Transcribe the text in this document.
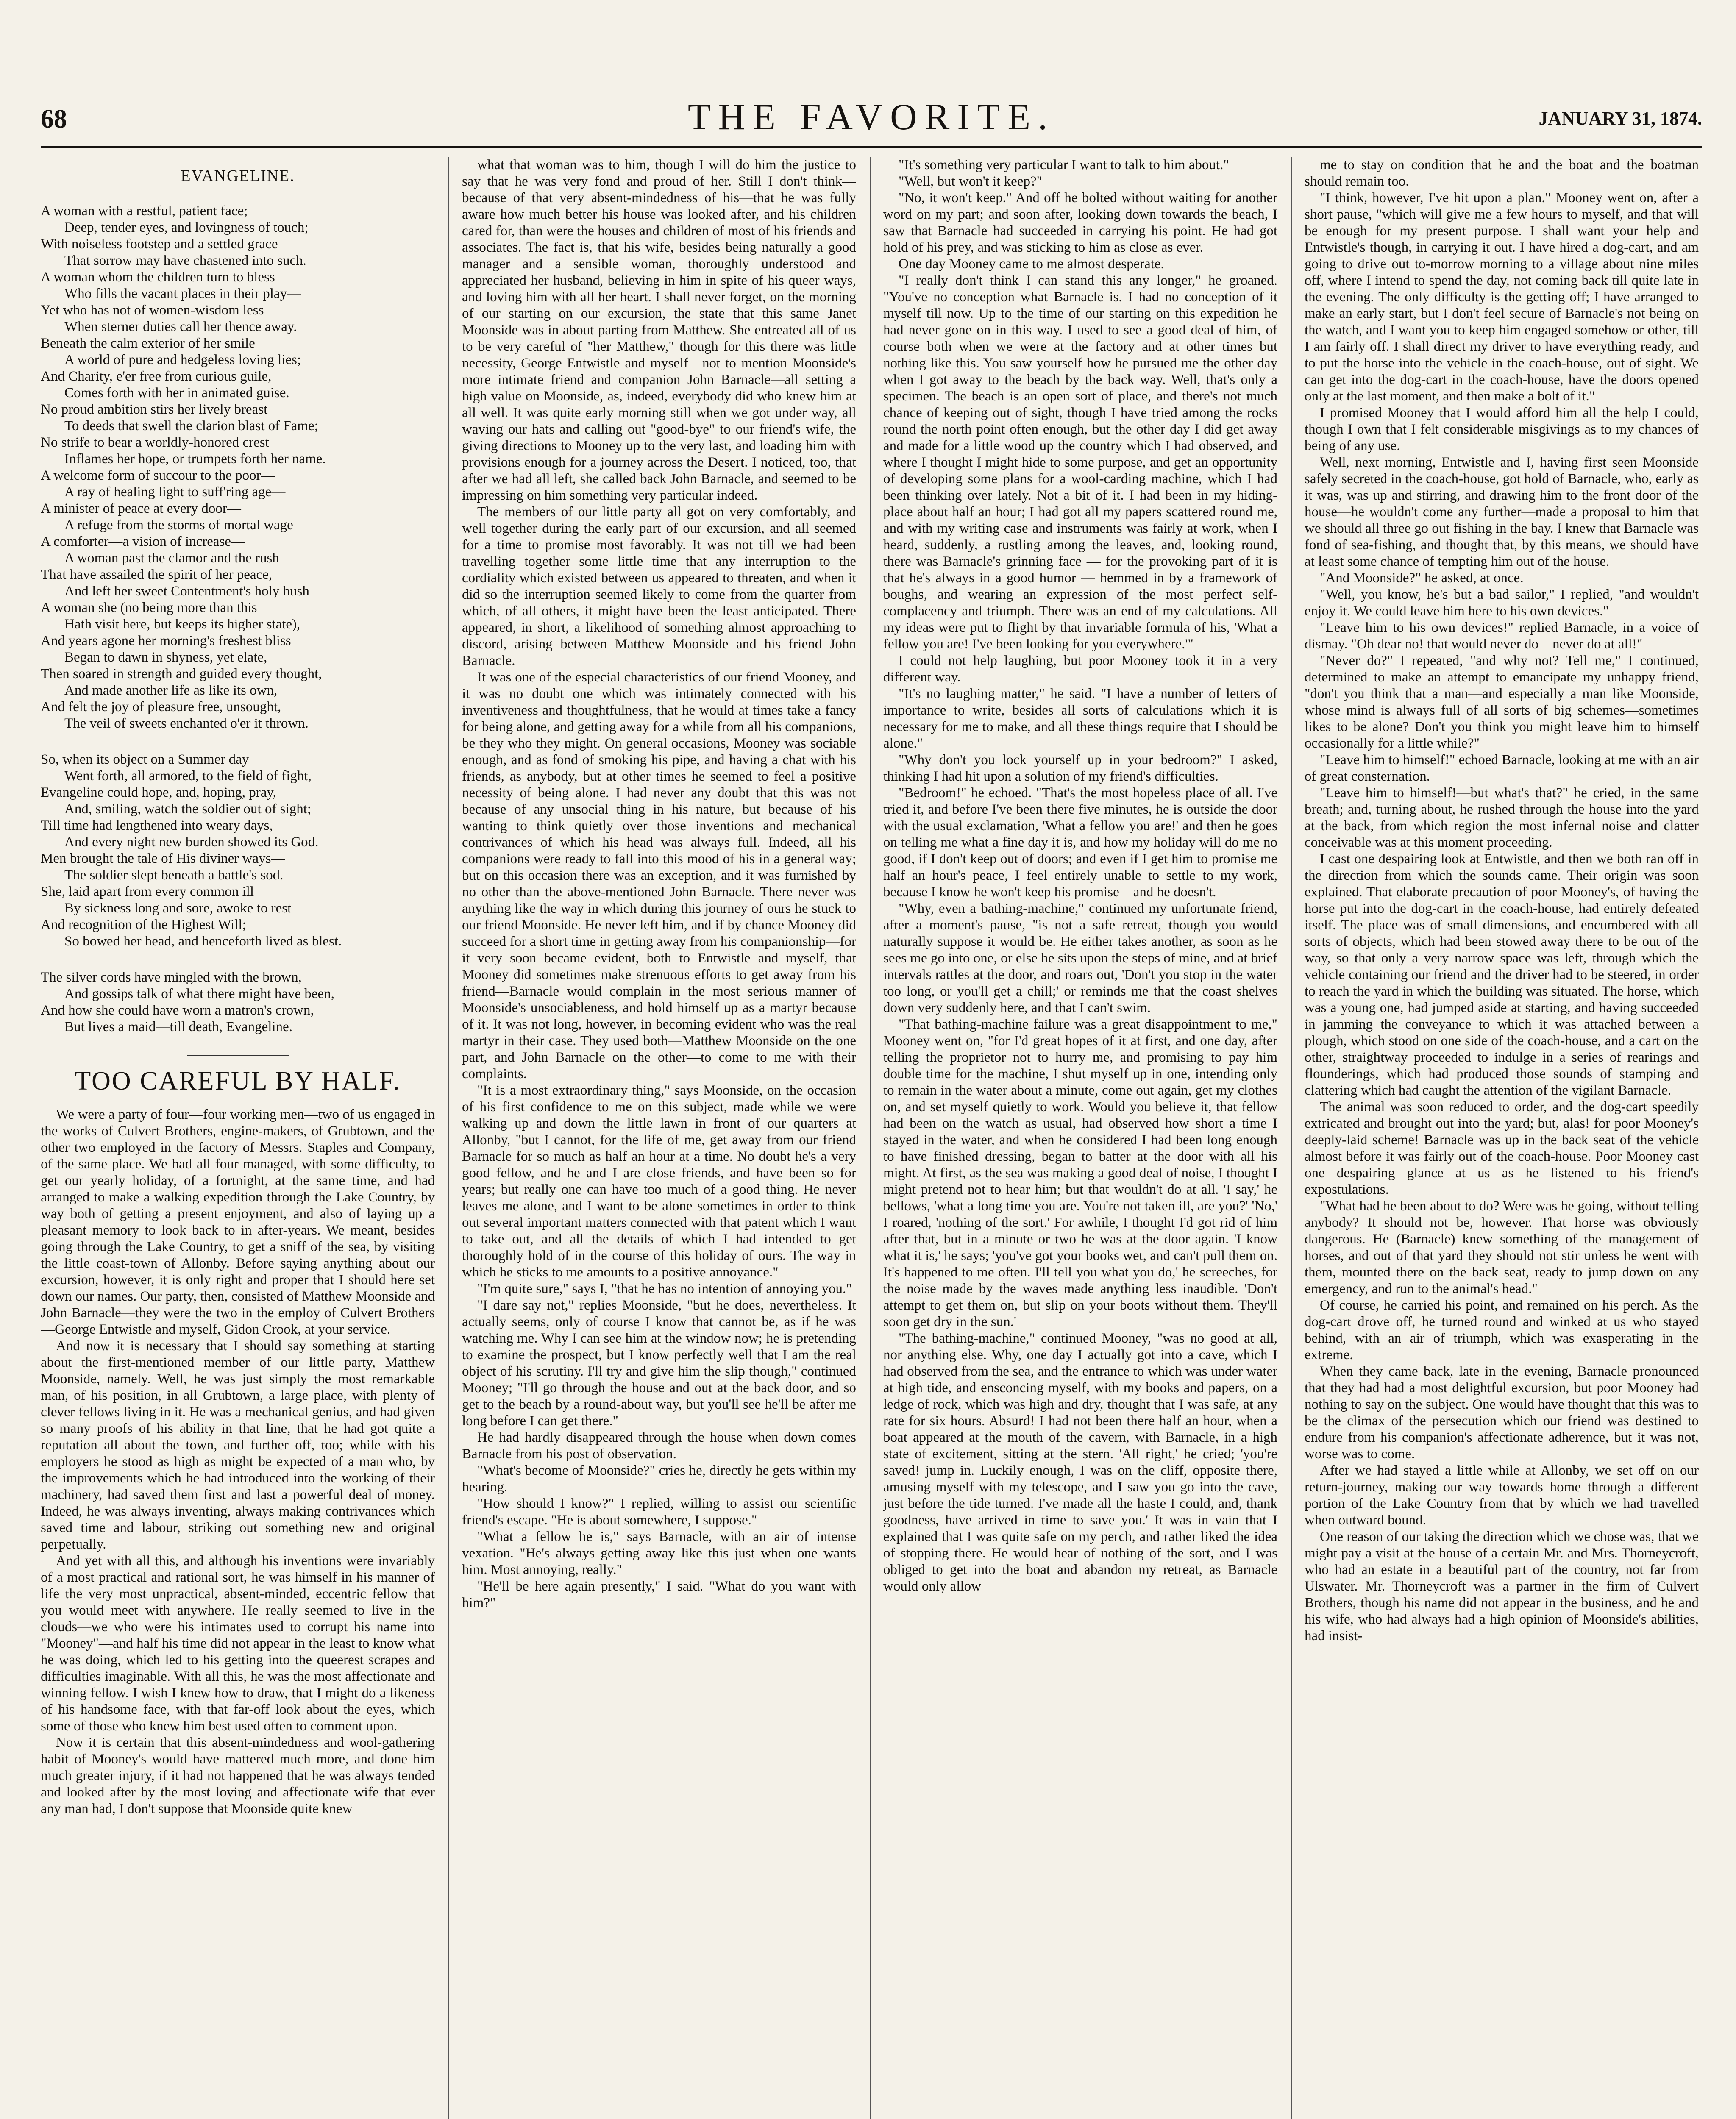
68	THE FAVORITE.	JANUARY 31, 1874.
EVANGELINE.
A woman with a restful, patient face;
Deep, tender eyes, and lovingness of touch;
With noiseless footstep and a settled grace
That sorrow may have chastened into such.
A woman whom the children turn to bless—
Who fills the vacant places in their play—
Yet who has not of women-wisdom less
When sterner duties call her thence away.
Beneath the calm exterior of her smile
A world of pure and hedgeless loving lies;
And Charity, e'er free from curious guile,
Comes forth with her in animated guise.
No proud ambition stirs her lively breast
To deeds that swell the clarion blast of Fame;
No strife to bear a worldly-honored crest
Inflames her hope, or trumpets forth her name.
A welcome form of succour to the poor—
A ray of healing light to suff'ring age—
A minister of peace at every door—
A refuge from the storms of mortal wage—
A comforter—a vision of increase—
A woman past the clamor and the rush
That have assailed the spirit of her peace,
And left her sweet Contentment's holy hush—
A woman she (no being more than this
Hath visit here, but keeps its higher state),
And years agone her morning's freshest bliss
Began to dawn in shyness, yet elate,
Then soared in strength and guided every thought,
And made another life as like its own,
And felt the joy of pleasure free, unsought,
The veil of sweets enchanted o'er it thrown.
So, when its object on a Summer day
Went forth, all armored, to the field of fight,
Evangeline could hope, and, hoping, pray,
And, smiling, watch the soldier out of sight;
Till time had lengthened into weary days,
And every night new burden showed its God.
Men brought the tale of His diviner ways—
The soldier slept beneath a battle's sod.
She, laid apart from every common ill
By sickness long and sore, awoke to rest
And recognition of the Highest Will;
So bowed her head, and henceforth lived as blest.
The silver cords have mingled with the brown,
And gossips talk of what there might have been,
And how she could have worn a matron's crown,
But lives a maid—till death, Evangeline.
TOO CAREFUL BY HALF.

We were a party of four—four working men—two of us engaged in the works of Culvert Brothers, engine-makers, of Grubtown, and the other two employed in the factory of Messrs. Staples and Company, of the same place. We had all four managed, with some difficulty, to get our yearly holiday, of a fortnight, at the same time, and had arranged to make a walking expedition through the Lake Country, by way both of getting a present enjoyment, and also of laying up a pleasant memory to look back to in after-years. We meant, besides going through the Lake Country, to get a sniff of the sea, by visiting the little coast-town of Allonby. Before saying anything about our excursion, however, it is only right and proper that I should here set down our names. Our party, then, consisted of Matthew Moonside and John Barnacle—they were the two in the employ of Culvert Brothers—George Entwistle and myself, Gidon Crook, at your service.

And now it is necessary that I should say something at starting about the first-mentioned member of our little party, Matthew Moonside, namely. Well, he was just simply the most remarkable man, of his position, in all Grubtown, a large place, with plenty of clever fellows living in it. He was a mechanical genius, and had given so many proofs of his ability in that line, that he had got quite a reputation all about the town, and further off, too; while with his employers he stood as high as might be expected of a man who, by the improvements which he had introduced into the working of their machinery, had saved them first and last a powerful deal of money. Indeed, he was always inventing, always making contrivances which saved time and labour, striking out something new and original perpetually.

And yet with all this, and although his inventions were invariably of a most practical and rational sort, he was himself in his manner of life the very most unpractical, absent-minded, eccentric fellow that you would meet with anywhere. He really seemed to live in the clouds—we who were his intimates used to corrupt his name into "Mooney"—and half his time did not appear in the least to know what he was doing, which led to his getting into the queerest scrapes and difficulties imaginable. With all this, he was the most affectionate and winning fellow. I wish I knew how to draw, that I might do a likeness of his handsome face, with that far-off look about the eyes, which some of those who knew him best used often to comment upon.

Now it is certain that this absent-mindedness and wool-gathering habit of Mooney's would have mattered much more, and done him much greater injury, if it had not happened that he was always tended and looked after by the most loving and affectionate wife that ever any man had, I don't suppose that Moonside quite knew

what that woman was to him, though I will do him the justice to say that he was very fond and proud of her. Still I don't think—because of that very absent-mindedness of his—that he was fully aware how much better his house was looked after, and his children cared for, than were the houses and children of most of his friends and associates. The fact is, that his wife, besides being naturally a good manager and a sensible woman, thoroughly understood and appreciated her husband, believing in him in spite of his queer ways, and loving him with all her heart. I shall never forget, on the morning of our starting on our excursion, the state that this same Janet Moonside was in about parting from Matthew. She entreated all of us to be very careful of "her Matthew," though for this there was little necessity, George Entwistle and myself—not to mention Moonside's more intimate friend and companion John Barnacle—all setting a high value on Moonside, as, indeed, everybody did who knew him at all well. It was quite early morning still when we got under way, all waving our hats and calling out "good-bye" to our friend's wife, the giving directions to Mooney up to the very last, and loading him with provisions enough for a journey across the Desert. I noticed, too, that after we had all left, she called back John Barnacle, and seemed to be impressing on him something very particular indeed.

The members of our little party all got on very comfortably, and well together during the early part of our excursion, and all seemed for a time to promise most favorably. It was not till we had been travelling together some little time that any interruption to the cordiality which existed between us appeared to threaten, and when it did so the interruption seemed likely to come from the quarter from which, of all others, it might have been the least anticipated. There appeared, in short, a likelihood of something almost approaching to discord, arising between Matthew Moonside and his friend John Barnacle.

It was one of the especial characteristics of our friend Mooney, and it was no doubt one which was intimately connected with his inventiveness and thoughtfulness, that he would at times take a fancy for being alone, and getting away for a while from all his companions, be they who they might. On general occasions, Mooney was sociable enough, and as fond of smoking his pipe, and having a chat with his friends, as anybody, but at other times he seemed to feel a positive necessity of being alone. I had never any doubt that this was not because of any unsocial thing in his nature, but because of his wanting to think quietly over those inventions and mechanical contrivances of which his head was always full. Indeed, all his companions were ready to fall into this mood of his in a general way; but on this occasion there was an exception, and it was furnished by no other than the above-mentioned John Barnacle. There never was anything like the way in which during this journey of ours he stuck to our friend Moonside. He never left him, and if by chance Mooney did succeed for a short time in getting away from his companionship—for it very soon became evident, both to Entwistle and myself, that Mooney did sometimes make strenuous efforts to get away from his friend—Barnacle would complain in the most serious manner of Moonside's unsociableness, and hold himself up as a martyr because of it. It was not long, however, in becoming evident who was the real martyr in their case. They used both—Matthew Moonside on the one part, and John Barnacle on the other—to come to me with their complaints.

"It is a most extraordinary thing," says Moonside, on the occasion of his first confidence to me on this subject, made while we were walking up and down the little lawn in front of our quarters at Allonby, "but I cannot, for the life of me, get away from our friend Barnacle for so much as half an hour at a time. No doubt he's a very good fellow, and he and I are close friends, and have been so for years; but really one can have too much of a good thing. He never leaves me alone, and I want to be alone sometimes in order to think out several important matters connected with that patent which I want to take out, and all the details of which I had intended to get thoroughly hold of in the course of this holiday of ours. The way in which he sticks to me amounts to a positive annoyance."

"I'm quite sure," says I, "that he has no intention of annoying you."

"I dare say not," replies Moonside, "but he does, nevertheless. It actually seems, only of course I know that cannot be, as if he was watching me. Why I can see him at the window now; he is pretending to examine the prospect, but I know perfectly well that I am the real object of his scrutiny. I'll try and give him the slip though," continued Mooney; "I'll go through the house and out at the back door, and so get to the beach by a round-about way, but you'll see he'll be after me long before I can get there."

He had hardly disappeared through the house when down comes Barnacle from his post of observation.

"What's become of Moonside?" cries he, directly he gets within my hearing.

"How should I know?" I replied, willing to assist our scientific friend's escape. "He is about somewhere, I suppose."

"What a fellow he is," says Barnacle, with an air of intense vexation. "He's always getting away like this just when one wants him. Most annoying, really."

"He'll be here again presently," I said. "What do you want with him?"

"It's something very particular I want to talk to him about."

"Well, but won't it keep?"

"No, it won't keep." And off he bolted without waiting for another word on my part; and soon after, looking down towards the beach, I saw that Barnacle had succeeded in carrying his point. He had got hold of his prey, and was sticking to him as close as ever.

One day Mooney came to me almost desperate.

"I really don't think I can stand this any longer," he groaned. "You've no conception what Barnacle is. I had no conception of it myself till now. Up to the time of our starting on this expedition he had never gone on in this way. I used to see a good deal of him, of course both when we were at the factory and at other times but nothing like this. You saw yourself how he pursued me the other day when I got away to the beach by the back way. Well, that's only a specimen. The beach is an open sort of place, and there's not much chance of keeping out of sight, though I have tried among the rocks round the north point often enough, but the other day I did get away and made for a little wood up the country which I had observed, and where I thought I might hide to some purpose, and get an opportunity of developing some plans for a wool-carding machine, which I had been thinking over lately. Not a bit of it. I had been in my hiding-place about half an hour; I had got all my papers scattered round me, and with my writing case and instruments was fairly at work, when I heard, suddenly, a rustling among the leaves, and, looking round, there was Barnacle's grinning face — for the provoking part of it is that he's always in a good humor — hemmed in by a framework of boughs, and wearing an expression of the most perfect self-complacency and triumph. There was an end of my calculations. All my ideas were put to flight by that invariable formula of his, 'What a fellow you are! I've been looking for you everywhere.'"

I could not help laughing, but poor Mooney took it in a very different way.

"It's no laughing matter," he said. "I have a number of letters of importance to write, besides all sorts of calculations which it is necessary for me to make, and all these things require that I should be alone."

"Why don't you lock yourself up in your bedroom?" I asked, thinking I had hit upon a solution of my friend's difficulties.

"Bedroom!" he echoed. "That's the most hopeless place of all. I've tried it, and before I've been there five minutes, he is outside the door with the usual exclamation, 'What a fellow you are!' and then he goes on telling me what a fine day it is, and how my holiday will do me no good, if I don't keep out of doors; and even if I get him to promise me half an hour's peace, I feel entirely unable to settle to my work, because I know he won't keep his promise—and he doesn't.

"Why, even a bathing-machine," continued my unfortunate friend, after a moment's pause, "is not a safe retreat, though you would naturally suppose it would be. He either takes another, as soon as he sees me go into one, or else he sits upon the steps of mine, and at brief intervals rattles at the door, and roars out, 'Don't you stop in the water too long, or you'll get a chill;' or reminds me that the coast shelves down very suddenly here, and that I can't swim.

"That bathing-machine failure was a great disappointment to me," Mooney went on, "for I'd great hopes of it at first, and one day, after telling the proprietor not to hurry me, and promising to pay him double time for the machine, I shut myself up in one, intending only to remain in the water about a minute, come out again, get my clothes on, and set myself quietly to work. Would you believe it, that fellow had been on the watch as usual, had observed how short a time I stayed in the water, and when he considered I had been long enough to have finished dressing, began to batter at the door with all his might. At first, as the sea was making a good deal of noise, I thought I might pretend not to hear him; but that wouldn't do at all. 'I say,' he bellows, 'what a long time you are. You're not taken ill, are you?' 'No,' I roared, 'nothing of the sort.' For awhile, I thought I'd got rid of him after that, but in a minute or two he was at the door again. 'I know what it is,' he says; 'you've got your books wet, and can't pull them on. It's happened to me often. I'll tell you what you do,' he screeches, for the noise made by the waves made anything less inaudible. 'Don't attempt to get them on, but slip on your boots without them. They'll soon get dry in the sun.'

"The bathing-machine," continued Mooney, "was no good at all, nor anything else. Why, one day I actually got into a cave, which I had observed from the sea, and the entrance to which was under water at high tide, and ensconcing myself, with my books and papers, on a ledge of rock, which was high and dry, thought that I was safe, at any rate for six hours. Absurd! I had not been there half an hour, when a boat appeared at the mouth of the cavern, with Barnacle, in a high state of excitement, sitting at the stern. 'All right,' he cried; 'you're saved! jump in. Luckily enough, I was on the cliff, opposite there, amusing myself with my telescope, and I saw you go into the cave, just before the tide turned. I've made all the haste I could, and, thank goodness, have arrived in time to save you.' It was in vain that I explained that I was quite safe on my perch, and rather liked the idea of stopping there. He would hear of nothing of the sort, and I was obliged to get into the boat and abandon my retreat, as Barnacle would only allow

me to stay on condition that he and the boat and the boatman should remain too.

"I think, however, I've hit upon a plan." Mooney went on, after a short pause, "which will give me a few hours to myself, and that will be enough for my present purpose. I shall want your help and Entwistle's though, in carrying it out. I have hired a dog-cart, and am going to drive out to-morrow morning to a village about nine miles off, where I intend to spend the day, not coming back till quite late in the evening. The only difficulty is the getting off; I have arranged to make an early start, but I don't feel secure of Barnacle's not being on the watch, and I want you to keep him engaged somehow or other, till I am fairly off. I shall direct my driver to have everything ready, and to put the horse into the vehicle in the coach-house, out of sight. We can get into the dog-cart in the coach-house, have the doors opened only at the last moment, and then make a bolt of it."

I promised Mooney that I would afford him all the help I could, though I own that I felt considerable misgivings as to my chances of being of any use.

Well, next morning, Entwistle and I, having first seen Moonside safely secreted in the coach-house, got hold of Barnacle, who, early as it was, was up and stirring, and drawing him to the front door of the house—he wouldn't come any further—made a proposal to him that we should all three go out fishing in the bay. I knew that Barnacle was fond of sea-fishing, and thought that, by this means, we should have at least some chance of tempting him out of the house.

"And Moonside?" he asked, at once.

"Well, you know, he's but a bad sailor," I replied, "and wouldn't enjoy it. We could leave him here to his own devices."

"Leave him to his own devices!" replied Barnacle, in a voice of dismay. "Oh dear no! that would never do—never do at all!"

"Never do?" I repeated, "and why not? Tell me," I continued, determined to make an attempt to emancipate my unhappy friend, "don't you think that a man—and especially a man like Moonside, whose mind is always full of all sorts of big schemes—sometimes likes to be alone? Don't you think you might leave him to himself occasionally for a little while?"

"Leave him to himself!" echoed Barnacle, looking at me with an air of great consternation.

"Leave him to himself!—but what's that?" he cried, in the same breath; and, turning about, he rushed through the house into the yard at the back, from which region the most infernal noise and clatter conceivable was at this moment proceeding.

I cast one despairing look at Entwistle, and then we both ran off in the direction from which the sounds came. Their origin was soon explained. That elaborate precaution of poor Mooney's, of having the horse put into the dog-cart in the coach-house, had entirely defeated itself. The place was of small dimensions, and encumbered with all sorts of objects, which had been stowed away there to be out of the way, so that only a very narrow space was left, through which the vehicle containing our friend and the driver had to be steered, in order to reach the yard in which the building was situated. The horse, which was a young one, had jumped aside at starting, and having succeeded in jamming the conveyance to which it was attached between a plough, which stood on one side of the coach-house, and a cart on the other, straightway proceeded to indulge in a series of rearings and flounderings, which had produced those sounds of stamping and clattering which had caught the attention of the vigilant Barnacle.

The animal was soon reduced to order, and the dog-cart speedily extricated and brought out into the yard; but, alas! for poor Mooney's deeply-laid scheme! Barnacle was up in the back seat of the vehicle almost before it was fairly out of the coach-house. Poor Mooney cast one despairing glance at us as he listened to his friend's expostulations.

"What had he been about to do? Were was he going, without telling anybody? It should not be, however. That horse was obviously dangerous. He (Barnacle) knew something of the management of horses, and out of that yard they should not stir unless he went with them, mounted there on the back seat, ready to jump down on any emergency, and run to the animal's head."

Of course, he carried his point, and remained on his perch. As the dog-cart drove off, he turned round and winked at us who stayed behind, with an air of triumph, which was exasperating in the extreme.

When they came back, late in the evening, Barnacle pronounced that they had had a most delightful excursion, but poor Mooney had nothing to say on the subject. One would have thought that this was to be the climax of the persecution which our friend was destined to endure from his companion's affectionate adherence, but it was not, worse was to come.

After we had stayed a little while at Allonby, we set off on our return-journey, making our way towards home through a different portion of the Lake Country from that by which we had travelled when outward bound.

One reason of our taking the direction which we chose was, that we might pay a visit at the house of a certain Mr. and Mrs. Thorneycroft, who had an estate in a beautiful part of the country, not far from Ulswater. Mr. Thorneycroft was a partner in the firm of Culvert Brothers, though his name did not appear in the business, and he and his wife, who had always had a high opinion of Moonside's abilities, had insist-
